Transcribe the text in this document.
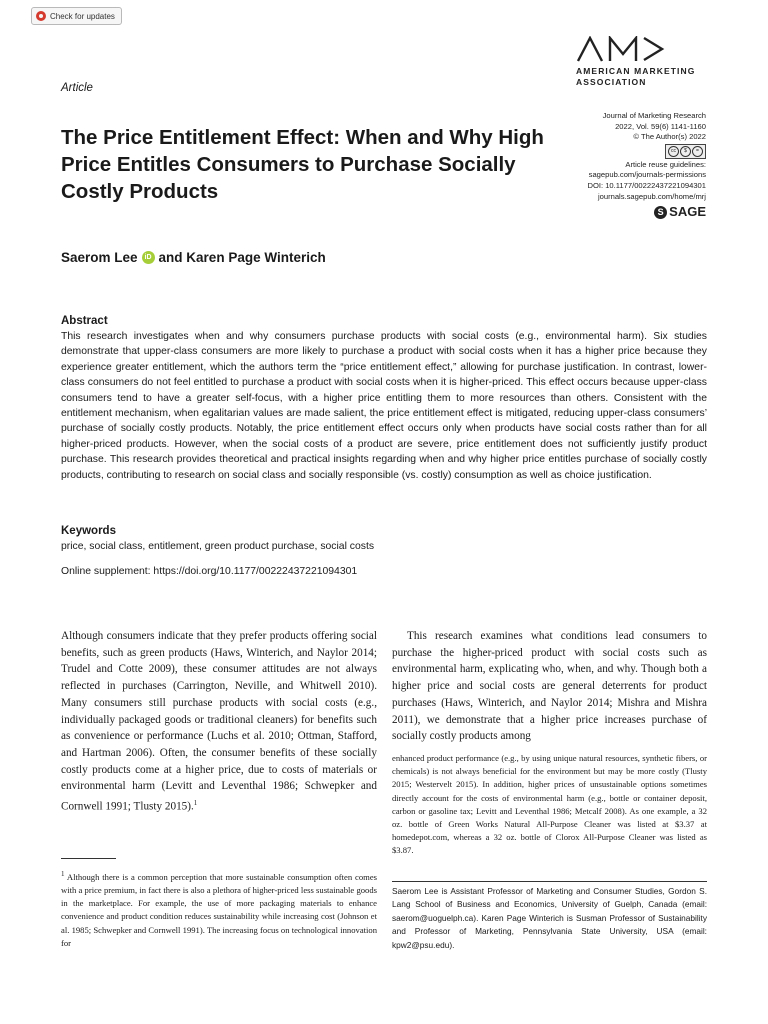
Check for updates
AMERICAN MARKETING
ASSOCIATION
Article
The Price Entitlement Effect: When and Why High Price Entitles Consumers to Purchase Socially Costly Products
Journal of Marketing Research
2022, Vol. 59(6) 1141-1160
© The Author(s) 2022
cc	$	=
Article reuse guidelines:
sagepub.com/journals-permissions
DOI: 10.1177/00222437221094301
journals.sagepub.com/home/mrj
S SAGE
Saerom Lee	iD and Karen Page Winterich
Abstract

This research investigates when and why consumers purchase products with social costs (e.g., environmental harm). Six studies demonstrate that upper-class consumers are more likely to purchase a product with social costs when it has a higher price because they experience greater entitlement, which the authors term the “price entitlement effect,” allowing for purchase justification. In contrast, lower-class consumers do not feel entitled to purchase a product with social costs when it is higher-priced. This effect occurs because upper-class consumers tend to have a greater self-focus, with a higher price entitling them to more resources than others. Consistent with the entitlement mechanism, when egalitarian values are made salient, the price entitlement effect is mitigated, reducing upper-class consumers’ purchase of socially costly products. Notably, the price entitlement effect occurs only when products have social costs rather than for all higher-priced products. However, when the social costs of a product are severe, price entitlement does not sufficiently justify product purchase. This research provides theoretical and practical insights regarding when and why higher price entitles purchase of socially costly products, contributing to research on social class and socially responsible (vs. costly) consumption as well as choice justification.

Keywords

price, social class, entitlement, green product purchase, social costs

Online supplement: https://doi.org/10.1177/00222437221094301

Although consumers indicate that they prefer products offering social benefits, such as green products (Haws, Winterich, and Naylor 2014; Trudel and Cotte 2009), these consumer attitudes are not always reflected in purchases (Carrington, Neville, and Whitwell 2010). Many consumers still purchase products with social costs (e.g., individually packaged goods or traditional cleaners) for benefits such as convenience or performance (Luchs et al. 2010; Ottman, Stafford, and Hartman 2006). Often, the consumer benefits of these socially costly products come at a higher price, due to costs of materials or environmental harm (Levitt and Leventhal 1986; Schwepker and Cornwell 1991; Tlusty 2015).$^1$

This research examines what conditions lead consumers to purchase the higher-priced product with social costs such as environmental harm, explicating who, when, and why. Though both a higher price and social costs are general deterrents for product purchases (Haws, Winterich, and Naylor 2014; Mishra and Mishra 2011), we demonstrate that a higher price increases purchase of socially costly products among

enhanced product performance (e.g., by using unique natural resources, synthetic fibers, or chemicals) is not always beneficial for the environment but may be more costly (Tlusty 2015; Westervelt 2015). In addition, higher prices of unsustainable options sometimes directly account for the costs of environmental harm (e.g., bottle or container deposit, carbon or gasoline tax; Levitt and Leventhal 1986; Metcalf 2008). As one example, a 32 oz. bottle of Green Works Natural All-Purpose Cleaner was listed at $3.37 at homedepot.com, whereas a 32 oz. bottle of Clorox All-Purpose Cleaner was listed as $3.87.

$^1$ Although there is a common perception that more sustainable consumption often comes with a price premium, in fact there is also a plethora of higher-priced less sustainable goods in the marketplace. For example, the use of more packaging materials to enhance convenience and product condition reduces sustainability while increasing cost (Johnson et al. 1985; Schwepker and Cornwell 1991). The increasing focus on technological innovation for

Saerom Lee is Assistant Professor of Marketing and Consumer Studies, Gordon S. Lang School of Business and Economics, University of Guelph, Canada (email: saerom@uoguelph.ca). Karen Page Winterich is Susman Professor of Sustainability and Professor of Marketing, Pennsylvania State University, USA (email: kpw2@psu.edu).
